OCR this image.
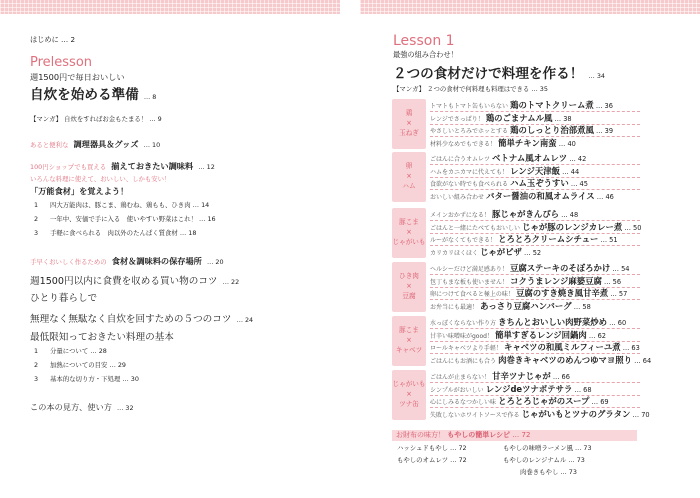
はじめに … 2
Prelesson
週1500円で毎日おいしい
自炊を始める準備 … 8
【マンガ】 自炊をすればお金もたまる！ … 9
あると便利な 調理器具＆グッズ … 10
100円ショップでも買える 揃えておきたい調味料 … 12
いろんな料理に使えて、おいしい、しかも安い！
「万能食材」を覚えよう！
1 四大万能肉は、豚こま、鶏むね、鶏もも、ひき肉 … 14
2 一年中、安価で手に入る　使いやすい野菜はこれ！ … 16
3 手軽に食べられる　肉以外のたんぱく質食材 … 18
手早くおいしく作るための 食材＆調味料の保存場所 … 20
週1500円以内に食費を収める買い物のコツ … 22
ひとり暮らしで
無理なく無駄なく自炊を回すための５つのコツ … 24
最低限知っておきたい料理の基本
1 分量について … 28
2 加熱についての目安 … 29
3 基本的な切り方・下処理 … 30
この本の見方、使い方 … 32
Lesson 1
最強の組み合わせ！
２つの食材だけで料理を作る！ … 34
【マンガ】 ２つの食材で何料理も料理はできる … 35
鶏
×
玉ねぎ
トマトもトマト缶もいらない 鶏のトマトクリーム煮 … 36
レンジでさっぱり！ 鶏のごまナムル風 … 38
やさしいとろみでホッとする 鶏のしっとり治部煮風 … 39
材料少なめでもできる！ 簡単チキン南蛮 … 40
卵
×
ハム
ごはんに合うオムレツ ベトナム風オムレツ … 42
ハムをカニカマに代えても！ レンジ天津飯 … 44
食欲がない時でも食べられる ハム玉ぞうすい … 45
おいしい組み合わせ バター醤油の和風オムライス … 46
豚こま
×
じゃがいも
メインおかずになる！ 豚じゃがきんぴら … 48
ごはんと一緒にたべてもおいしい じゃが豚のレンジカレー煮 … 50
ルーがなくてもできる！ とろとろクリームシチュー … 51
カリカリほくほく じゃがピザ … 52
ひき肉
×
豆腐
ヘルシーだけど満足感あり！ 豆腐ステーキのそぼろかけ … 54
包丁もまな板も使いません！ コクうまレンジ麻婆豆腐 … 56
卵につけて食べると極上の味！ 豆腐のすき焼き風甘辛煮 … 57
お弁当にも最適！ あっさり豆腐ハンバーグ … 58
豚こま
×
キャベツ
水っぽくならない作り方 きちんとおいしい肉野菜炒め … 60
甘辛い味噌味がgood！ 簡単すぎるレンジ回鍋肉 … 62
ロールキャベツより手軽！ キャベツの和風ミルフィーユ煮 … 63
ごはんにもお酒にも合う 肉巻きキャベツのめんつゆマヨ照り … 64
じゃがいも
×
ツナ缶
ごはんが止まらない！ 甘辛ツナじゃが … 66
シンプルがおいしい レンジdeツナポテサラ … 68
心にしみるなつかしい味 とろとろじゃがのスープ … 69
失敗しないホワイトソースで作る じゃがいもとツナのグラタン … 70
お財布の味方！ もやしの簡単レシピ … 72
ハッシュドもやし … 72
もやしのオムレツ … 72
もやしの味噌ラーメン風 … 73
もやしのレンジナムル … 73
肉巻きもやし … 73
